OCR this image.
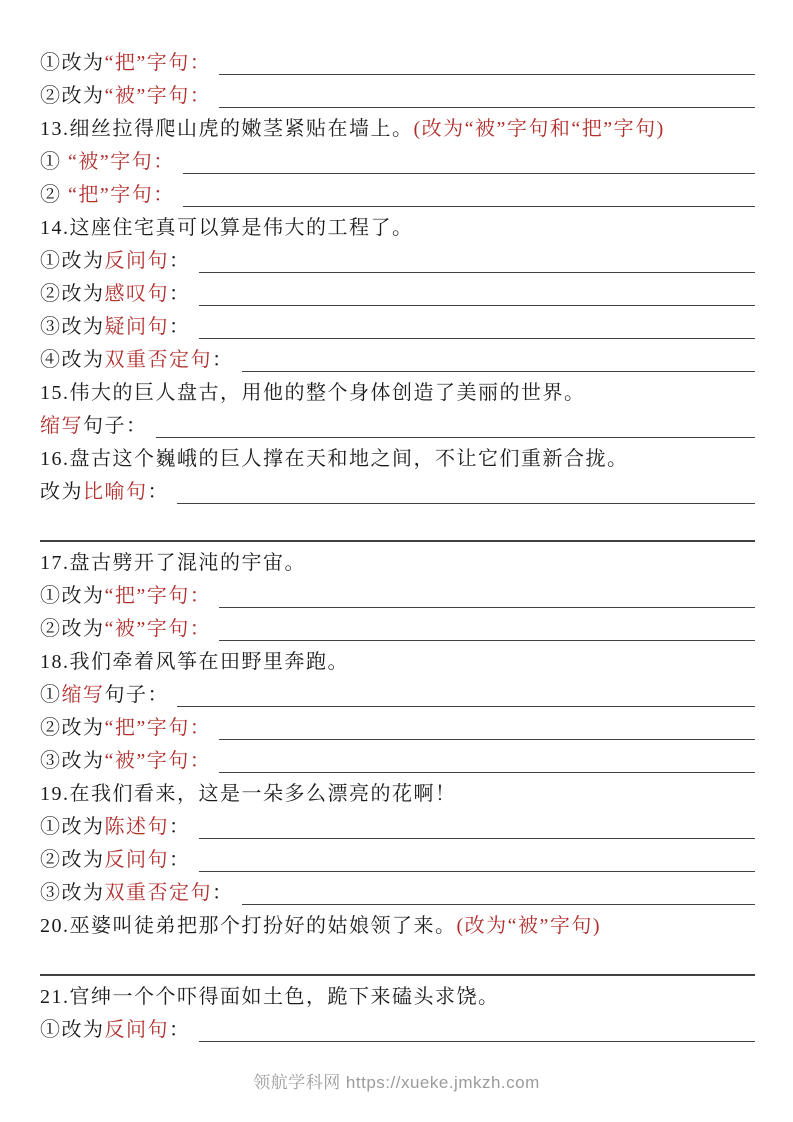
①改为“把”字句：
②改为“被”字句：
13.细丝拉得爬山虎的嫩茎紧贴在墙上。(改为“被”字句和“把”字句)
① “被”字句：
② “把”字句：
14.这座住宅真可以算是伟大的工程了。
①改为反问句：
②改为感叹句：
③改为疑问句：
④改为双重否定句：
15.伟大的巨人盘古，用他的整个身体创造了美丽的世界。
缩写句子：
16.盘古这个巍峨的巨人撑在天和地之间，不让它们重新合拢。
改为比喻句：
17.盘古劈开了混沌的宇宙。
①改为“把”字句：
②改为“被”字句：
18.我们牵着风筝在田野里奔跑。
①缩写句子：
②改为“把”字句：
③改为“被”字句：
19.在我们看来，这是一朵多么漂亮的花啊！
①改为陈述句：
②改为反问句：
③改为双重否定句：
20.巫婆叫徒弟把那个打扮好的姑娘领了来。(改为“被”字句)
21.官绅一个个吓得面如土色，跪下来磕头求饶。
①改为反问句：
领航学科网 https://xueke.jmkzh.com
